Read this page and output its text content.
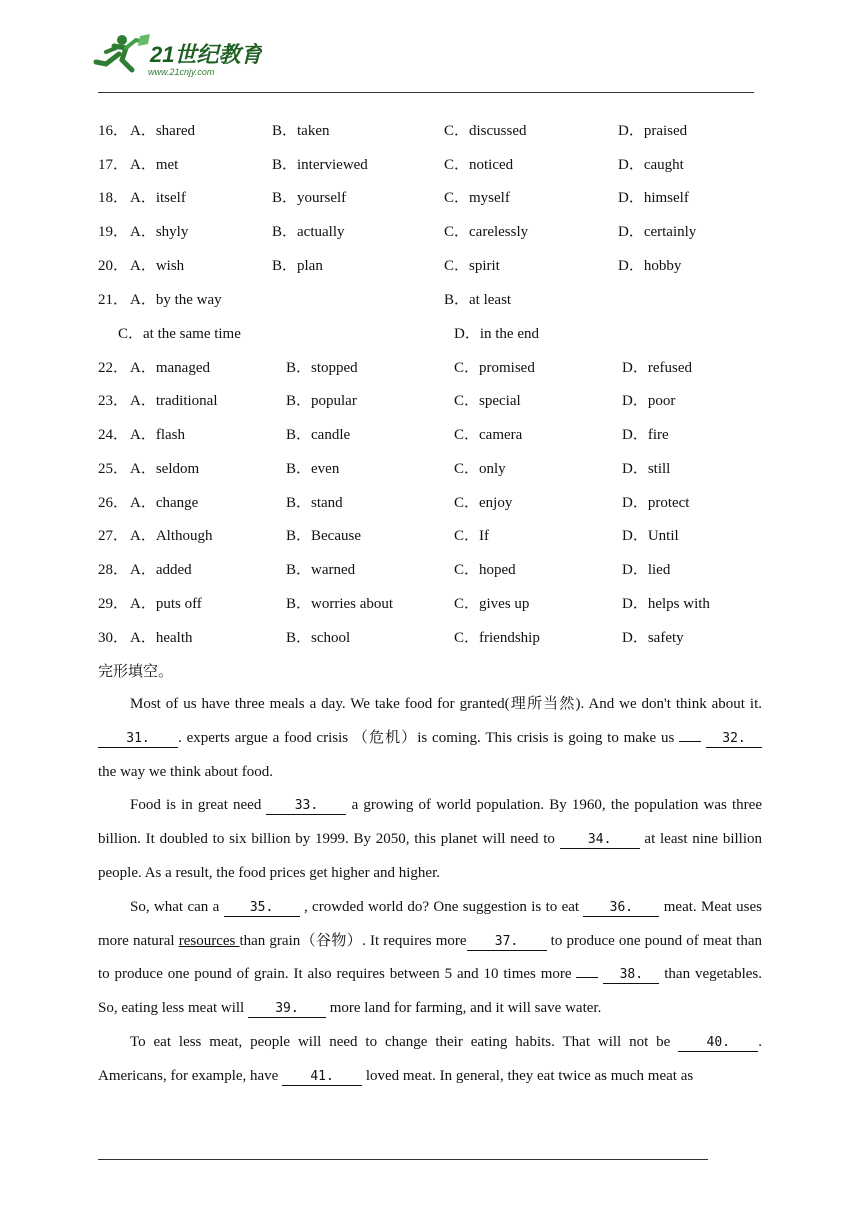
21世纪教育
www.21cnjy.com
16． A．shared	B．taken	C．discussed	D．praised
17． A．met	B．interviewed	C．noticed	D．caught
18． A．itself	B．yourself	C．myself	D．himself
19． A．shyly	B．actually	C．carelessly	D．certainly
20． A．wish	B．plan	C．spirit	D．hobby
21． A．by the way	B．at least
C．at the same time	D．in the end
22． A．managed	B．stopped	C．promised	D．refused
23． A．traditional	B．popular	C．special	D．poor
24． A．flash	B．candle	C．camera	D．fire
25． A．seldom	B．even	C．only	D．still
26． A．change	B．stand	C．enjoy	D．protect
27． A．Although	B．Because	C．If	D．Until
28． A．added	B．warned	C．hoped	D．lied
29． A．puts off	B．worries about	C．gives up	D．helps with
30． A．health	B．school	C．friendship	D．safety
完形填空。

Most of us have three meals a day. We take food for granted(理所当然). And we don't think about it. 31. . experts argue a food crisis （危机）is coming. This crisis is going to make us	32. the way we think about food.

Food is in great need 33. a growing of world population. By 1960, the population was three billion. It doubled to six billion by 1999. By 2050, this planet will need to 34. at least nine billion people. As a result, the food prices get higher and higher.

So, what can a 35. , crowded world do? One suggestion is to eat 36. meat. Meat uses more natural resources than grain（谷物）. It requires more 37. to produce one pound of meat than to produce one pound of grain. It also requires between 5 and 10 times more	38. than vegetables. So, eating less meat will 39. more land for farming, and it will save water.

To eat less meat, people will need to change their eating habits. That will not be 40. . Americans, for example, have 41. loved meat. In general, they eat twice as much meat as
